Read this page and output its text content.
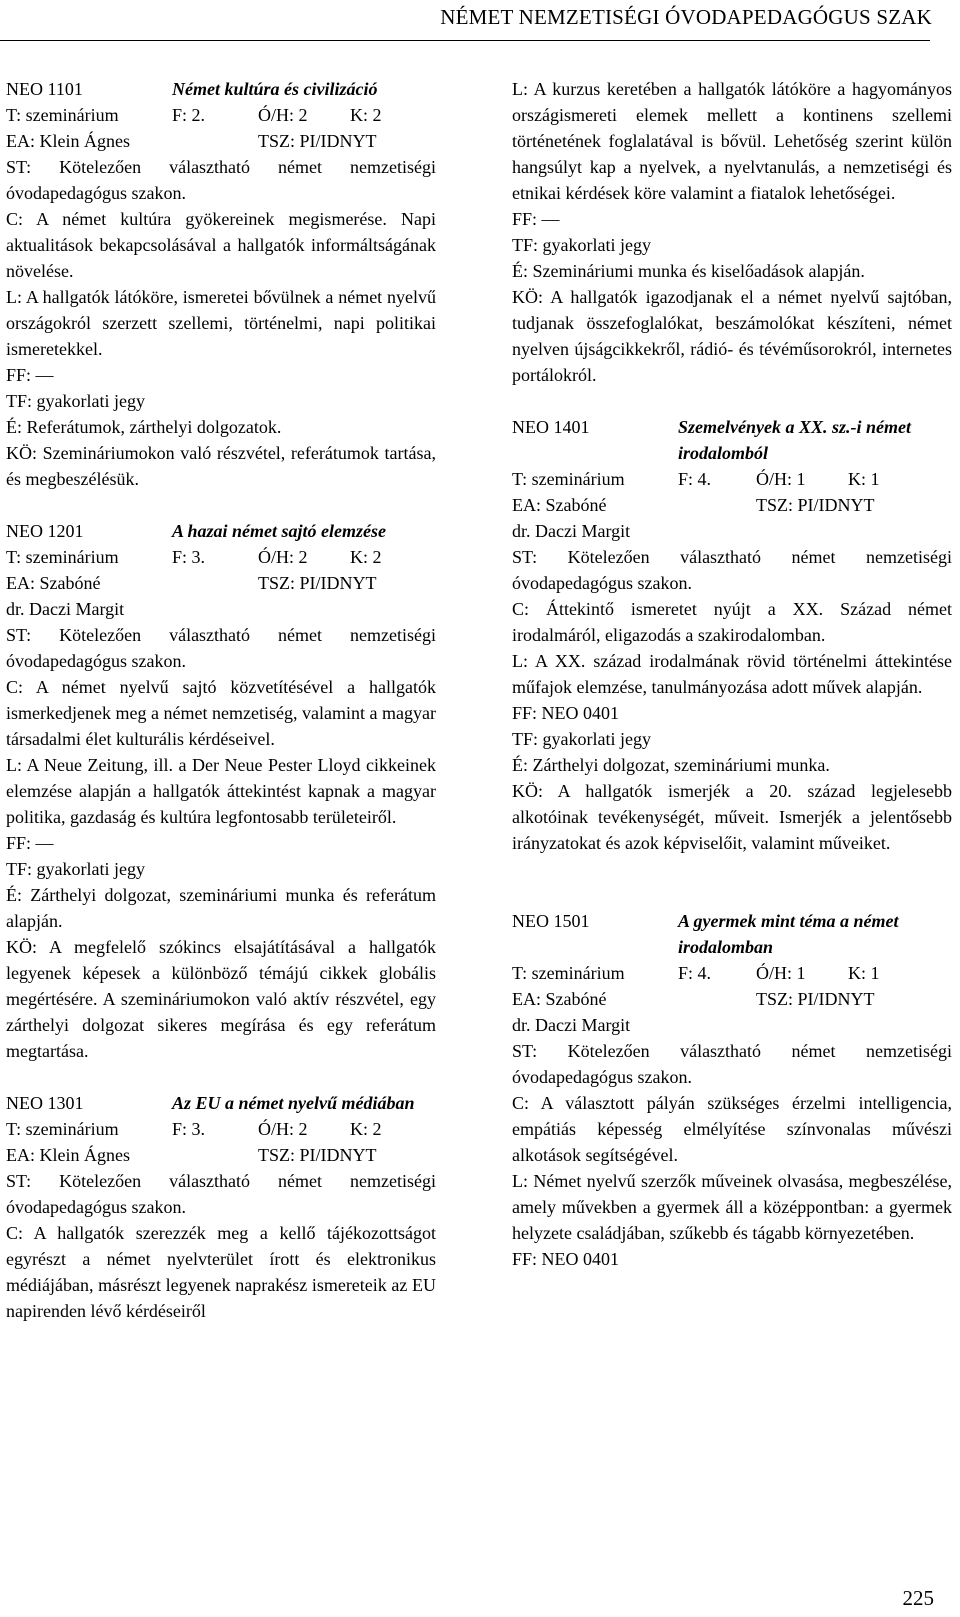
NÉMET NEMZETISÉGI ÓVODAPEDAGÓGUS SZAK
NEO 1101	Német kultúra és civilizáció
T: szeminárium	F: 2.	Ó/H: 2 K: 2
EA: Klein Ágnes	TSZ: PI/IDNYT
ST: Kötelezően választható német nemzetiségi óvodapedagógus szakon.
C: A német kultúra gyökereinek megismerése. Napi aktualitások bekapcsolásával a hallgatók informáltságának növelése.
L: A hallgatók látóköre, ismeretei bővülnek a német nyelvű országokról szerzett szellemi, történelmi, napi politikai ismeretekkel.
FF: —
TF: gyakorlati jegy
É: Referátumok, zárthelyi dolgozatok.
KÖ: Szemináriumokon való részvétel, referátumok tartása, és megbeszélésük.
NEO 1201	A hazai német sajtó elemzése
T: szeminárium	F: 3.	Ó/H: 2 K: 2
EA: Szabóné	TSZ: PI/IDNYT
dr. Daczi Margit
ST: Kötelezően választható német nemzetiségi óvodapedagógus szakon.
C: A német nyelvű sajtó közvetítésével a hallgatók ismerkedjenek meg a német nemzetiség, valamint a magyar társadalmi élet kulturális kérdéseivel.
L: A Neue Zeitung, ill. a Der Neue Pester Lloyd cikkeinek elemzése alapján a hallgatók áttekintést kapnak a magyar politika, gazdaság és kultúra legfontosabb területeiről.
FF: —
TF: gyakorlati jegy
É: Zárthelyi dolgozat, szemináriumi munka és referátum alapján.
KÖ: A megfelelő szókincs elsajátításával a hallgatók legyenek képesek a különböző témájú cikkek globális megértésére. A szemináriumokon való aktív részvétel, egy zárthelyi dolgozat sikeres megírása és egy referátum megtartása.
NEO 1301	Az EU a német nyelvű médiában
T: szeminárium	F: 3.	Ó/H: 2 K: 2
EA: Klein Ágnes	TSZ: PI/IDNYT
ST: Kötelezően választható német nemzetiségi óvodapedagógus szakon.
C: A hallgatók szerezzék meg a kellő tájékozottságot egyrészt a német nyelvterület írott és elektronikus médiájában, másrészt legyenek naprakész ismereteik az EU napirenden lévő kérdéseiről
L: A kurzus keretében a hallgatók látóköre a hagyományos országismereti elemek mellett a kontinens szellemi történetének foglalatával is bővül. Lehetőség szerint külön hangsúlyt kap a nyelvek, a nyelvtanulás, a nemzetiségi és etnikai kérdések köre valamint a fiatalok lehetőségei.
FF: —
TF: gyakorlati jegy
É: Szemináriumi munka és kiselőadások alapján.
KÖ: A hallgatók igazodjanak el a német nyelvű sajtóban, tudjanak összefoglalókat, beszámolókat készíteni, német nyelven újságcikkekről, rádió- és tévéműsorokról, internetes portálokról.
NEO 1401	Szemelvények a XX. sz.-i német irodalomból
T: szeminárium	F: 4. Ó/H: 1 K: 1
EA: Szabóné	TSZ: PI/IDNYT
dr. Daczi Margit
ST: Kötelezően választható német nemzetiségi óvodapedagógus szakon.
C: Áttekintő ismeretet nyújt a XX. Század német irodalmáról, eligazodás a szakirodalomban.
L: A XX. század irodalmának rövid történelmi áttekintése műfajok elemzése, tanulmányozása adott művek alapján.
FF: NEO 0401
TF: gyakorlati jegy
É: Zárthelyi dolgozat, szemináriumi munka.
KÖ: A hallgatók ismerjék a 20. század legjelesebb alkotóinak tevékenységét, műveit. Ismerjék a jelentősebb irányzatokat és azok képviselőit, valamint műveiket.
NEO 1501	A gyermek mint téma a német irodalomban
T: szeminárium	F: 4. Ó/H: 1 K: 1
EA: Szabóné	TSZ: PI/IDNYT
dr. Daczi Margit
ST: Kötelezően választható német nemzetiségi óvodapedagógus szakon.
C: A választott pályán szükséges érzelmi intelligencia, empátiás képesség elmélyítése színvonalas művészi alkotások segítségével.
L: Német nyelvű szerzők műveinek olvasása, megbeszélése, amely művekben a gyermek áll a középpontban: a gyermek helyzete családjában, szűkebb és tágabb környezetében.
FF: NEO 0401
225
